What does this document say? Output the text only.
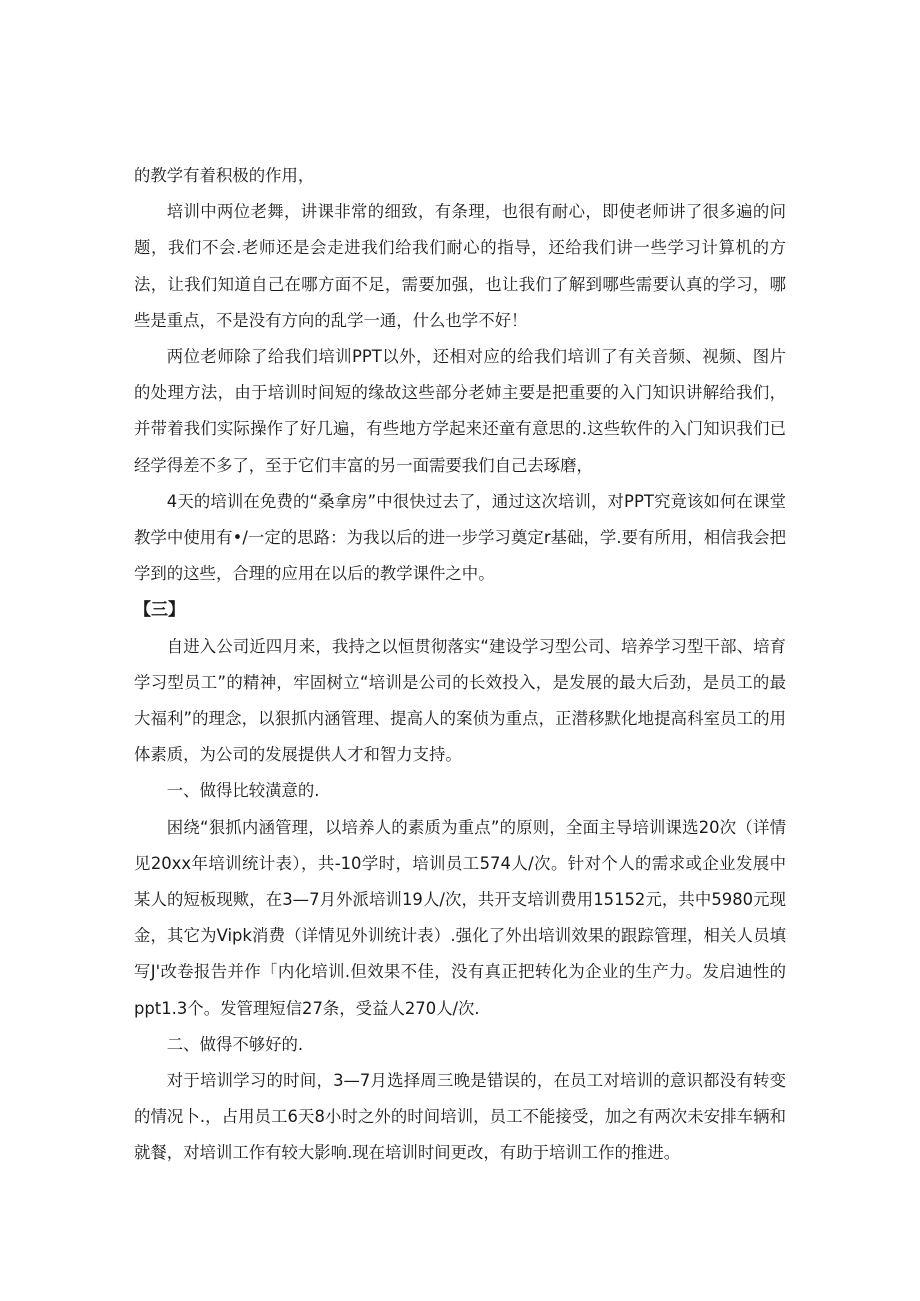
的教学有着积极的作用，

培训中两位老舞，讲课非常的细致，有条理，也很有耐心，即使老师讲了很多遍的问题，我们不会.老师还是会走进我们给我们耐心的指导，还给我们讲一些学习计算机的方法，让我们知道自己在哪方面不足，需要加强，也让我们了解到哪些需要认真的学习，哪些是重点，不是没有方向的乱学一通，什么也学不好！

两位老师除了给我们培训PPT以外，还相对应的给我们培训了有关音频、视频、图片的处理方法，由于培训时间短的缘故这些部分老姉主要是把重要的入门知识讲解给我们，并带着我们实际操作了好几遍，有些地方学起来还童有意思的.这些软件的入门知识我们已经学得差不多了，至于它们丰富的另一面需要我们自己去琢磨，

4天的培训在免费的“桑拿房”中很快过去了，通过这次培训，对PPT究竟该如何在课堂教学中使用有•/一定的思路：为我以后的进一步学习奠定r基础，学.要有所用，相信我会把学到的这些，合理的应用在以后的教学课件之中。

【三】

自进入公司近四月来，我持之以恒贯彻落实“建设学习型公司、培养学习型干部、培育学习型员工”的精神，牢固树立“培训是公司的长效投入，是发展的最大后劲，是员工的最大福利”的理念，以狠抓内涵管理、提高人的案侦为重点，正潜移默化地提高科室员工的用体素质，为公司的发展提供人才和智力支持。

一、做得比较潢意的.

困绕“狠抓内涵管理，以培养人的素质为重点”的原则，全面主导培训课选20次（详情见20xx年培训统计表），共-10学时，培训员工574人/次。针对个人的需求或企业发展中某人的短板现歟，在3—7月外派培训19人/次，共开支培训费用15152元，共中5980元现金，其它为Vipk消费（详情见外训统计表）.强化了外出培训效果的跟踪管理，相关人员填写J'改卷报告并作「内化培训.但效果不佳，没有真正把转化为企业的生产力。发启迪性的ppt1.3个。发管理短信27条，受益人270人/次.

二、做得不够好的.

对于培训学习的时间，3—7月选择周三晚是错误的，在员工对培训的意识都没有转变的情况卜.，占用员工6天8小时之外的时间培训，员工不能接受，加之有两次未安排车辆和就餐，对培训工作有较大影响.现在培训时间更改，有助于培训工作的推进。
